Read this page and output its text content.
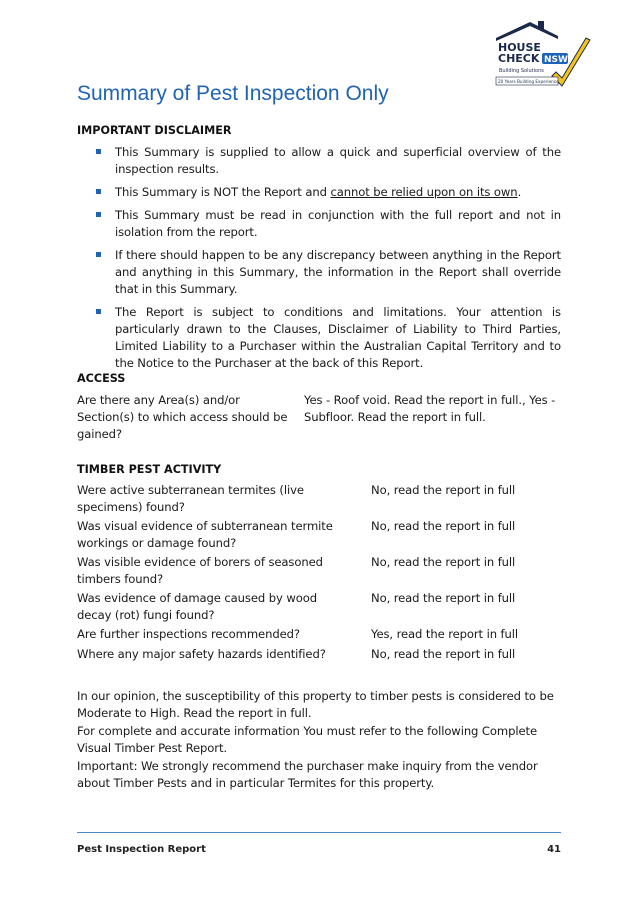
HOUSE
CHECK NSW
Building Solutions
20 Years Building Experience
Summary of Pest Inspection Only
IMPORTANT DISCLAIMER
This Summary is supplied to allow a quick and superficial overview of the inspection results.
This Summary is NOT the Report and cannot be relied upon on its own.
This Summary must be read in conjunction with the full report and not in isolation from the report.
If there should happen to be any discrepancy between anything in the Report and anything in this Summary, the information in the Report shall override that in this Summary.
The Report is subject to conditions and limitations. Your attention is particularly drawn to the Clauses, Disclaimer of Liability to Third Parties, Limited Liability to a Purchaser within the Australian Capital Territory and to the Notice to the Purchaser at the back of this Report.
ACCESS
Are there any Area(s) and/or Section(s) to which access should be gained?
Yes - Roof void. Read the report in full., Yes - Subfloor. Read the report in full.
TIMBER PEST ACTIVITY
Were active subterranean termites (live specimens) found?
No, read the report in full
Was visual evidence of subterranean termite workings or damage found?
No, read the report in full
Was visible evidence of borers of seasoned timbers found?
No, read the report in full
Was evidence of damage caused by wood decay (rot) fungi found?
No, read the report in full
Are further inspections recommended?	Yes, read the report in full
Where any major safety hazards identified?	No, read the report in full

In our opinion, the susceptibility of this property to timber pests is considered to be Moderate to High. Read the report in full.

For complete and accurate information You must refer to the following Complete Visual Timber Pest Report.

Important: We strongly recommend the purchaser make inquiry from the vendor about Timber Pests and in particular Termites for this property.

Pest Inspection Report	41
